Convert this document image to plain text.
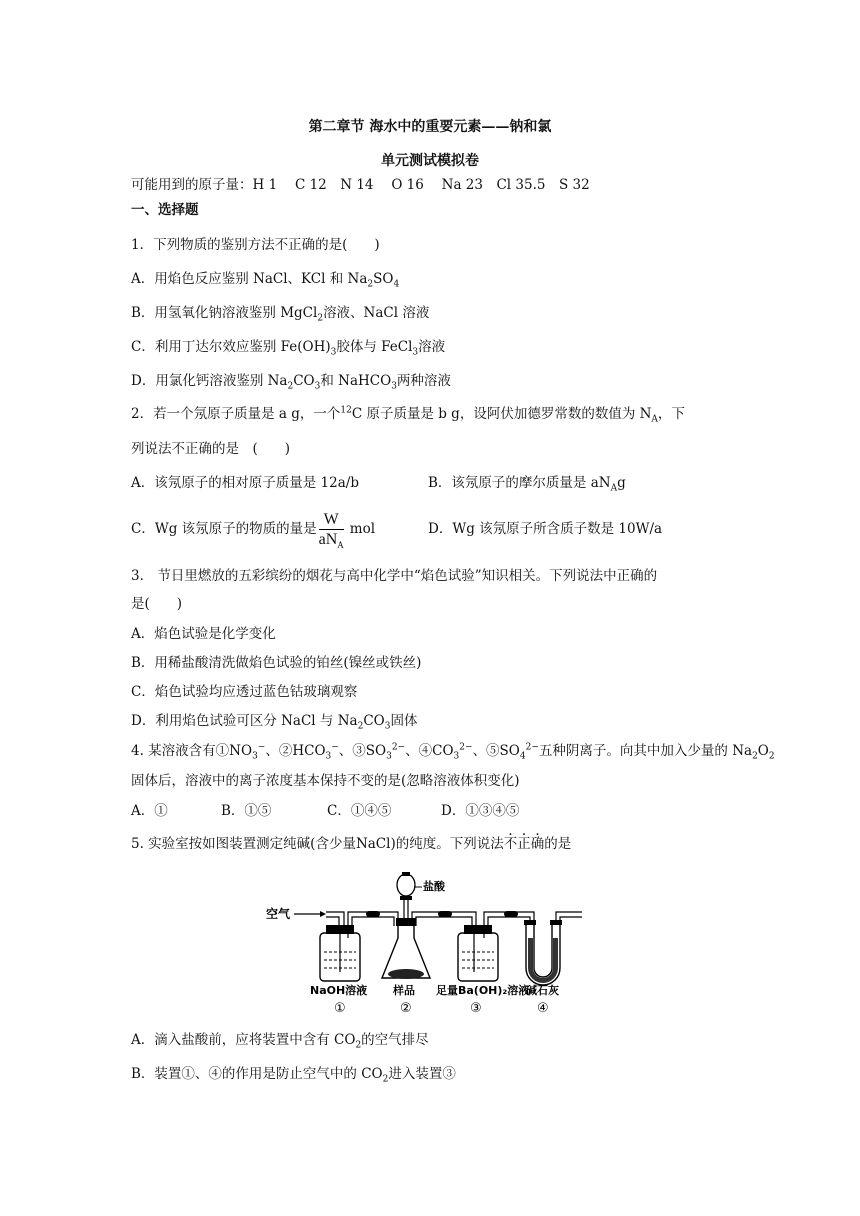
第二章节 海水中的重要元素——钠和氯
单元测试模拟卷
可能用到的原子量：H 1　 C 12　N 14　 O 16　 Na 23　Cl 35.5　S 32
一、选择题
1．下列物质的鉴别方法不正确的是(　　)
A．用焰色反应鉴别 NaCl、KCl 和 $Na_2SO_4$
B．用氢氧化钠溶液鉴别 MgCl$_2$溶液、NaCl 溶液
C．利用丁达尔效应鉴别 $Fe(OH)_3$胶体与 FeCl$_3$溶液
D．用氯化钙溶液鉴别 $Na_2CO_3$和 NaHCO$_3$两种溶液
2．若一个氖原子质量是 a g，一个$^{12}$C 原子质量是 b g，设阿伏加德罗常数的数值为 $N_A$，下
列说法不正确的是　(　　)
A．该氖原子的相对原子质量是 12a/b	B．该氖原子的摩尔质量是 $aN_Ag$
C．Wg 该氖原子的物质的量是 $\frac{W}{aN_A}$ mol	D．Wg 该氖原子所含质子数是 10W/a
3． 节日里燃放的五彩缤纷的烟花与高中化学中“焰色试验”知识相关。下列说法中正确的
是(　　)
A．焰色试验是化学变化
B．用稀盐酸清洗做焰色试验的铂丝(镍丝或铁丝)
C．焰色试验均应透过蓝色钴玻璃观察
D．利用焰色试验可区分 NaCl 与 $Na_2CO_3$固体
4. 某溶液含有$①NO_3^-$、$②HCO_3^-$、$③SO_3^{2-}$、$④CO_3^{2-}$、$⑤SO_4^{2-}$五种阴离子。向其中加入少量的 $Na_2O_2$
固体后，溶液中的离子浓度基本保持不变的是(忽略溶液体积变化)
A．①	B．①⑤	C．①④⑤	D．①③④⑤
5. 实验室按如图装置测定纯碱(含少量NaCl)的纯度。下列说法不正确的是
空气
盐酸
NaOH溶液 样品 足量Ba(OH)₂溶液
碱石灰
①	②	③	④
A．滴入盐酸前，应将装置中含有 $CO_2$的空气排尽
B．装置①、④的作用是防止空气中的 $CO_2$进入装置③
